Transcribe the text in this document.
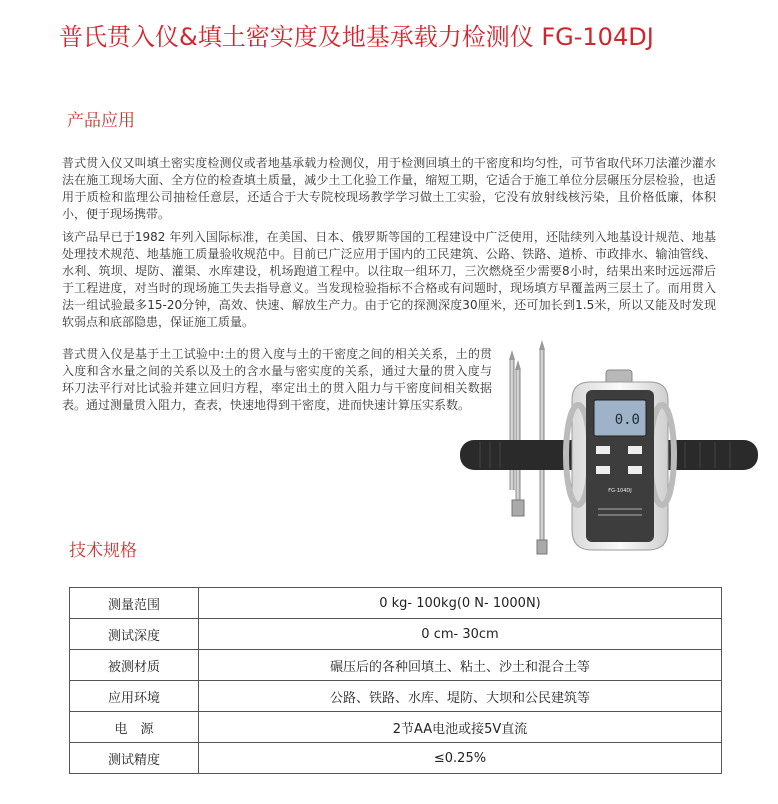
普氏贯入仪&填土密实度及地基承载力检测仪 FG-104DJ
产品应用

普式贯入仪又叫填土密实度检测仪或者地基承载力检测仪，用于检测回填土的干密度和均匀性，可节省取代环刀法灌沙灌水法在施工现场大面、全方位的检查填土质量，减少土工化验工作量，缩短工期，它适合于施工单位分层碾压分层检验，也适用于质检和监理公司抽检任意层，还适合于大专院校现场教学学习做土工实验，它没有放射线核污染，且价格低廉，体积小，便于现场携带。

该产品早已于1982 年列入国际标准，在美国、日本、俄罗斯等国的工程建设中广泛使用，还陆续列入地基设计规范、地基处理技术规范、地基施工质量验收规范中。目前已广泛应用于国内的工民建筑、公路、铁路、道桥、市政排水、输油管线、水利、筑坝、堤防、灌渠、水库建设，机场跑道工程中。以往取一组环刀，三次燃烧至少需要8小时，结果出来时远远滞后于工程进度，对当时的现场施工失去指导意义。当发现检验指标不合格或有问题时，现场填方早覆盖两三层土了。而用贯入法一组试验最多15-20分钟，高效、快速、解放生产力。由于它的探测深度30厘米，还可加长到1.5米，所以又能及时发现软弱点和底部隐患，保证施工质量。

普式贯入仪是基于土工试验中:土的贯入度与土的干密度之间的相关关系，土的贯入度和含水量之间的关系以及土的含水量与密实度的关系，通过大量的贯入度与环刀法平行对比试验并建立回归方程，率定出土的贯入阻力与干密度间相关数据表。通过测量贯入阻力，查表，快速地得到干密度，进而快速计算压实系数。

0.0
FG-104DJ
技术规格
测量范围	0 kg- 100kg(0 N- 1000N)
测试深度	0 cm- 30cm
被测材质	碾压后的各种回填土、粘土、沙土和混合土等
应用环境	公路、铁路、水库、堤防、大坝和公民建筑等
电　源	2节AA电池或接5V直流
测试精度	≤0.25%
